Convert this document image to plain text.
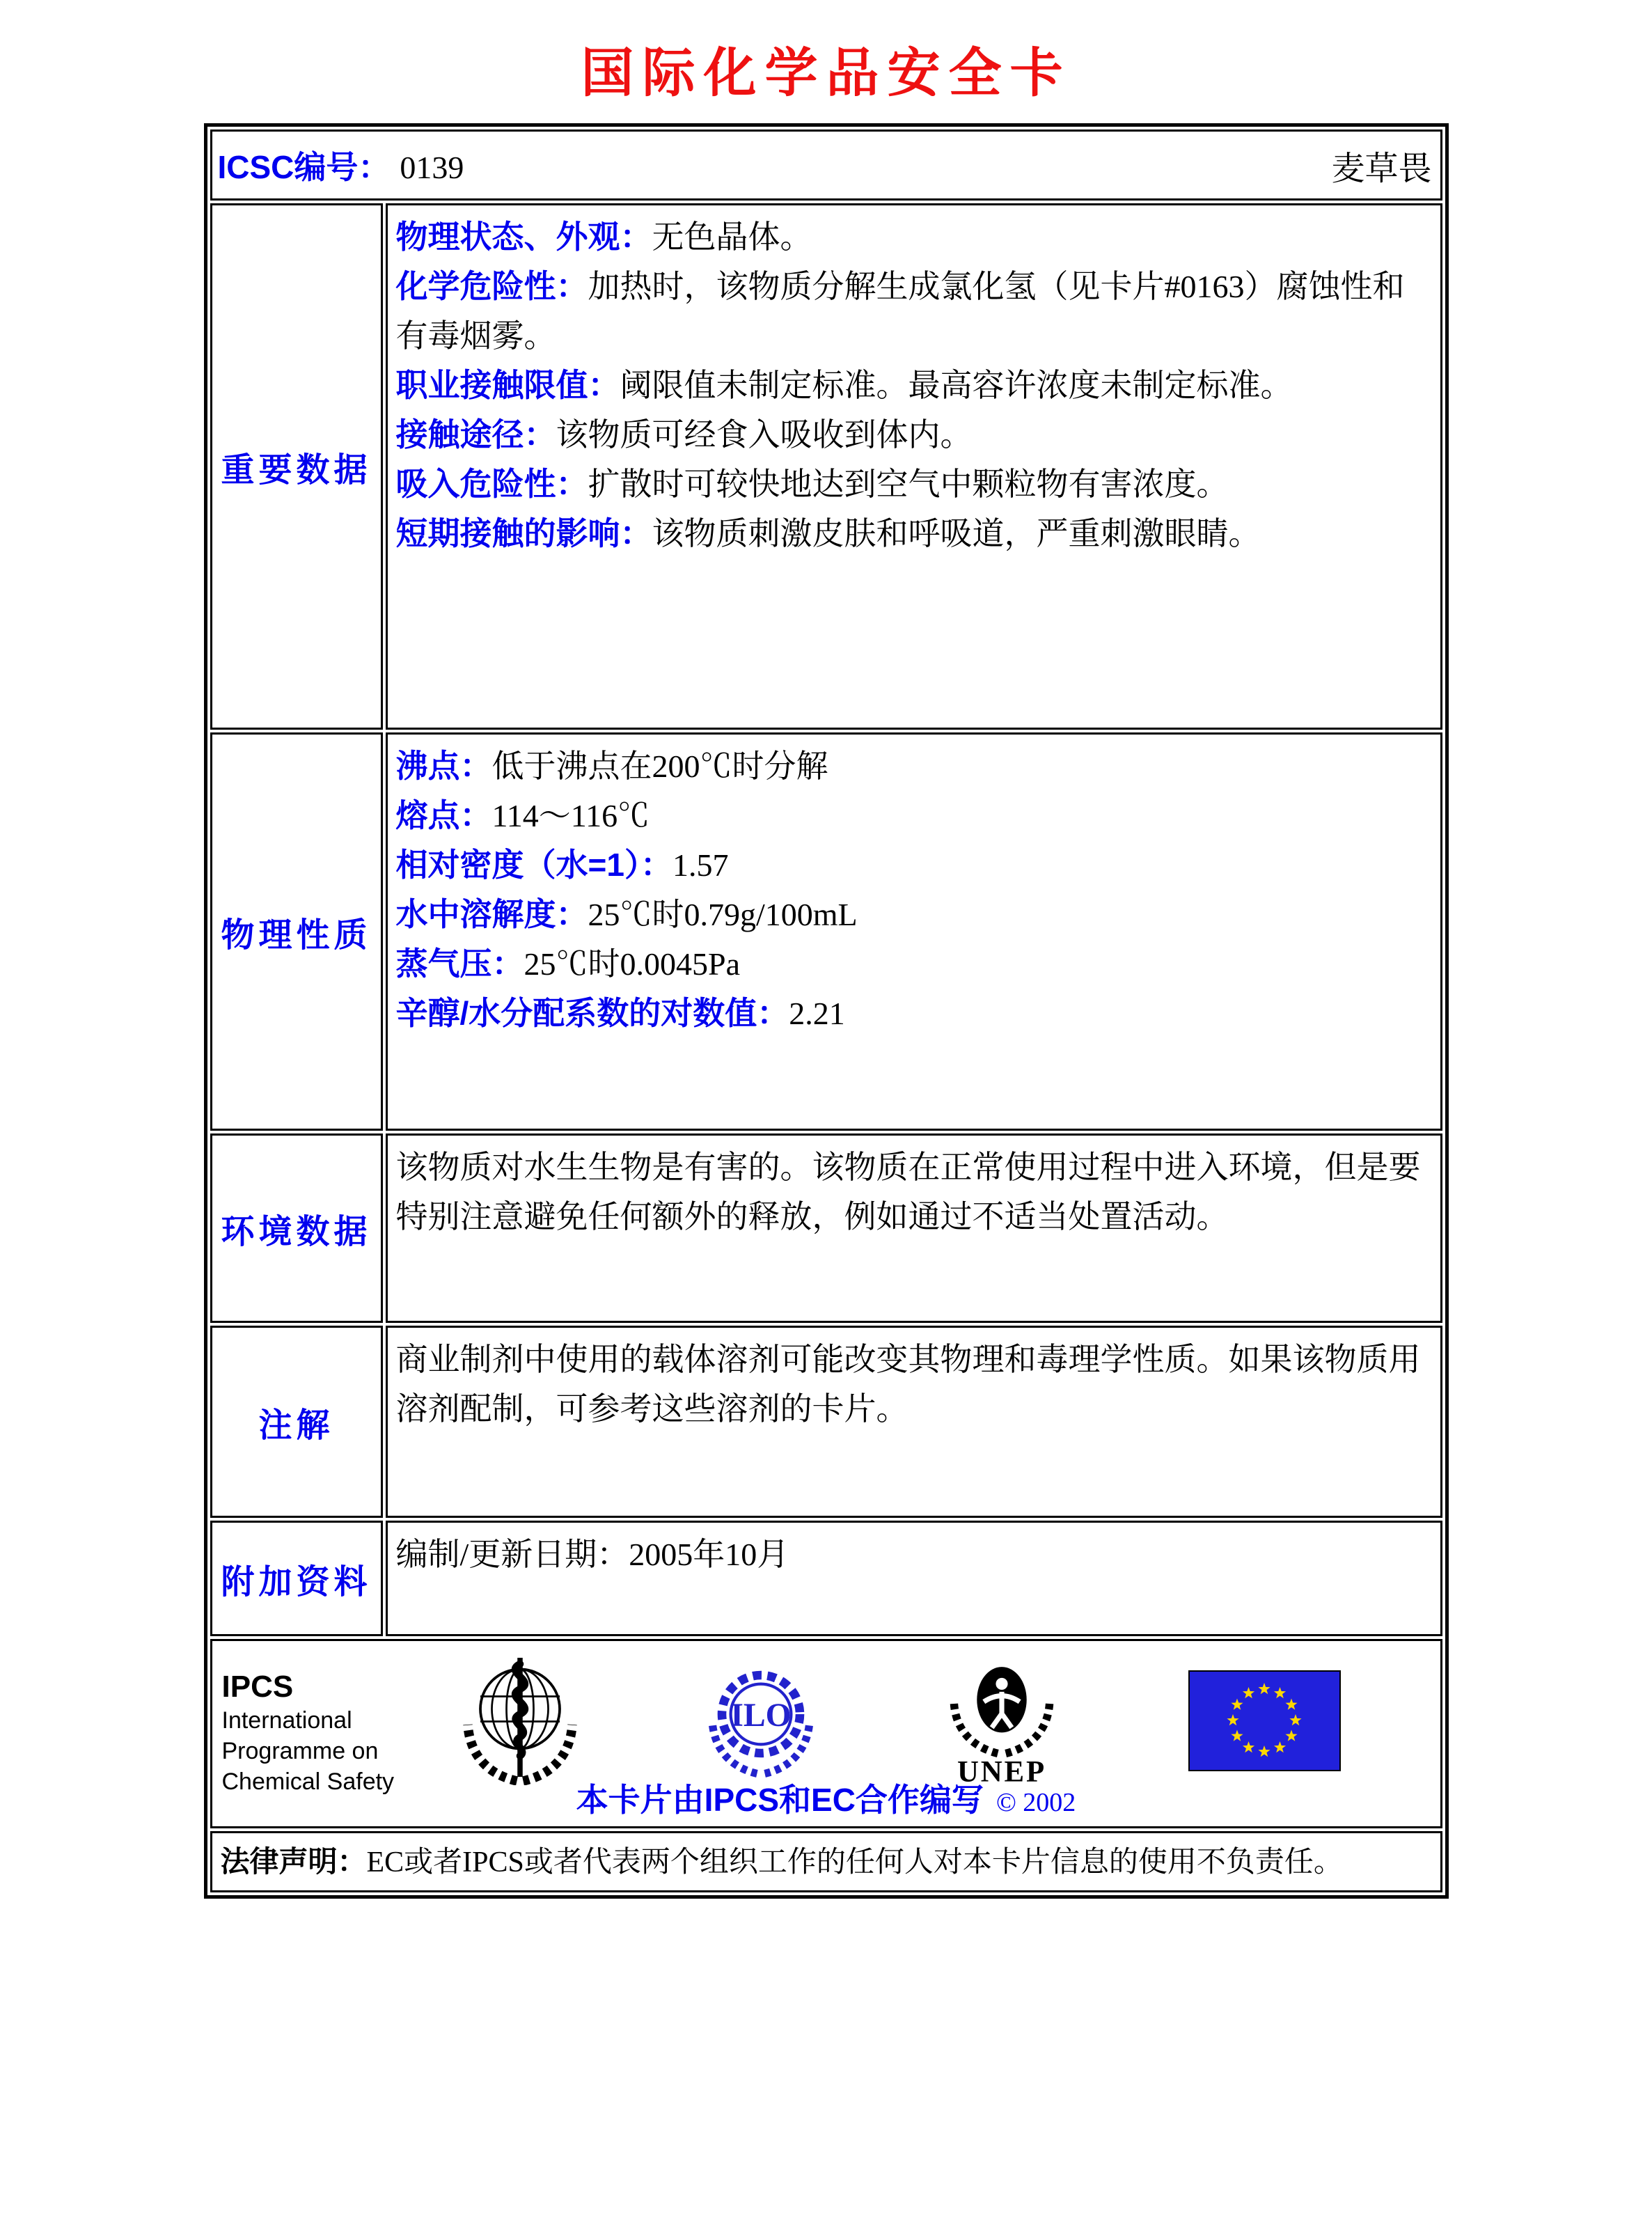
国际化学品安全卡
ICSC编号： 0139 麦草畏	

重要数据	
物理状态、外观：无色晶体。
化学危险性：加热时，该物质分解生成氯化氢（见卡片#0163）腐蚀性和有毒烟雾。
职业接触限值：阈限值未制定标准。最高容许浓度未制定标准。
接触途径：该物质可经食入吸收到体内。
吸入危险性：扩散时可较快地达到空气中颗粒物有害浓度。
短期接触的影响：该物质刺激皮肤和呼吸道，严重刺激眼睛。

物理性质	
沸点：低于沸点在200℃时分解
熔点：114～116℃
相对密度（水=1）：1.57
水中溶解度：25℃时0.79g/100mL
蒸气压：25℃时0.0045Pa
辛醇/水分配系数的对数值：2.21

环境数据	该物质对水生生物是有害的。该物质在正常使用过程中进入环境，但是要特别注意避免任何额外的释放，例如通过不适当处置活动。

注解	商业制剂中使用的载体溶剂可能改变其物理和毒理学性质。如果该物质用溶剂配制，可参考这些溶剂的卡片。

附加资料	编制/更新日期：2005年10月

IPCS
International
Programme on
Chemical Safety
ILO
UNEP
本卡片由IPCS和EC合作编写 © 2002

法律声明：EC或者IPCS或者代表两个组织工作的任何人对本卡片信息的使用不负责任。	
